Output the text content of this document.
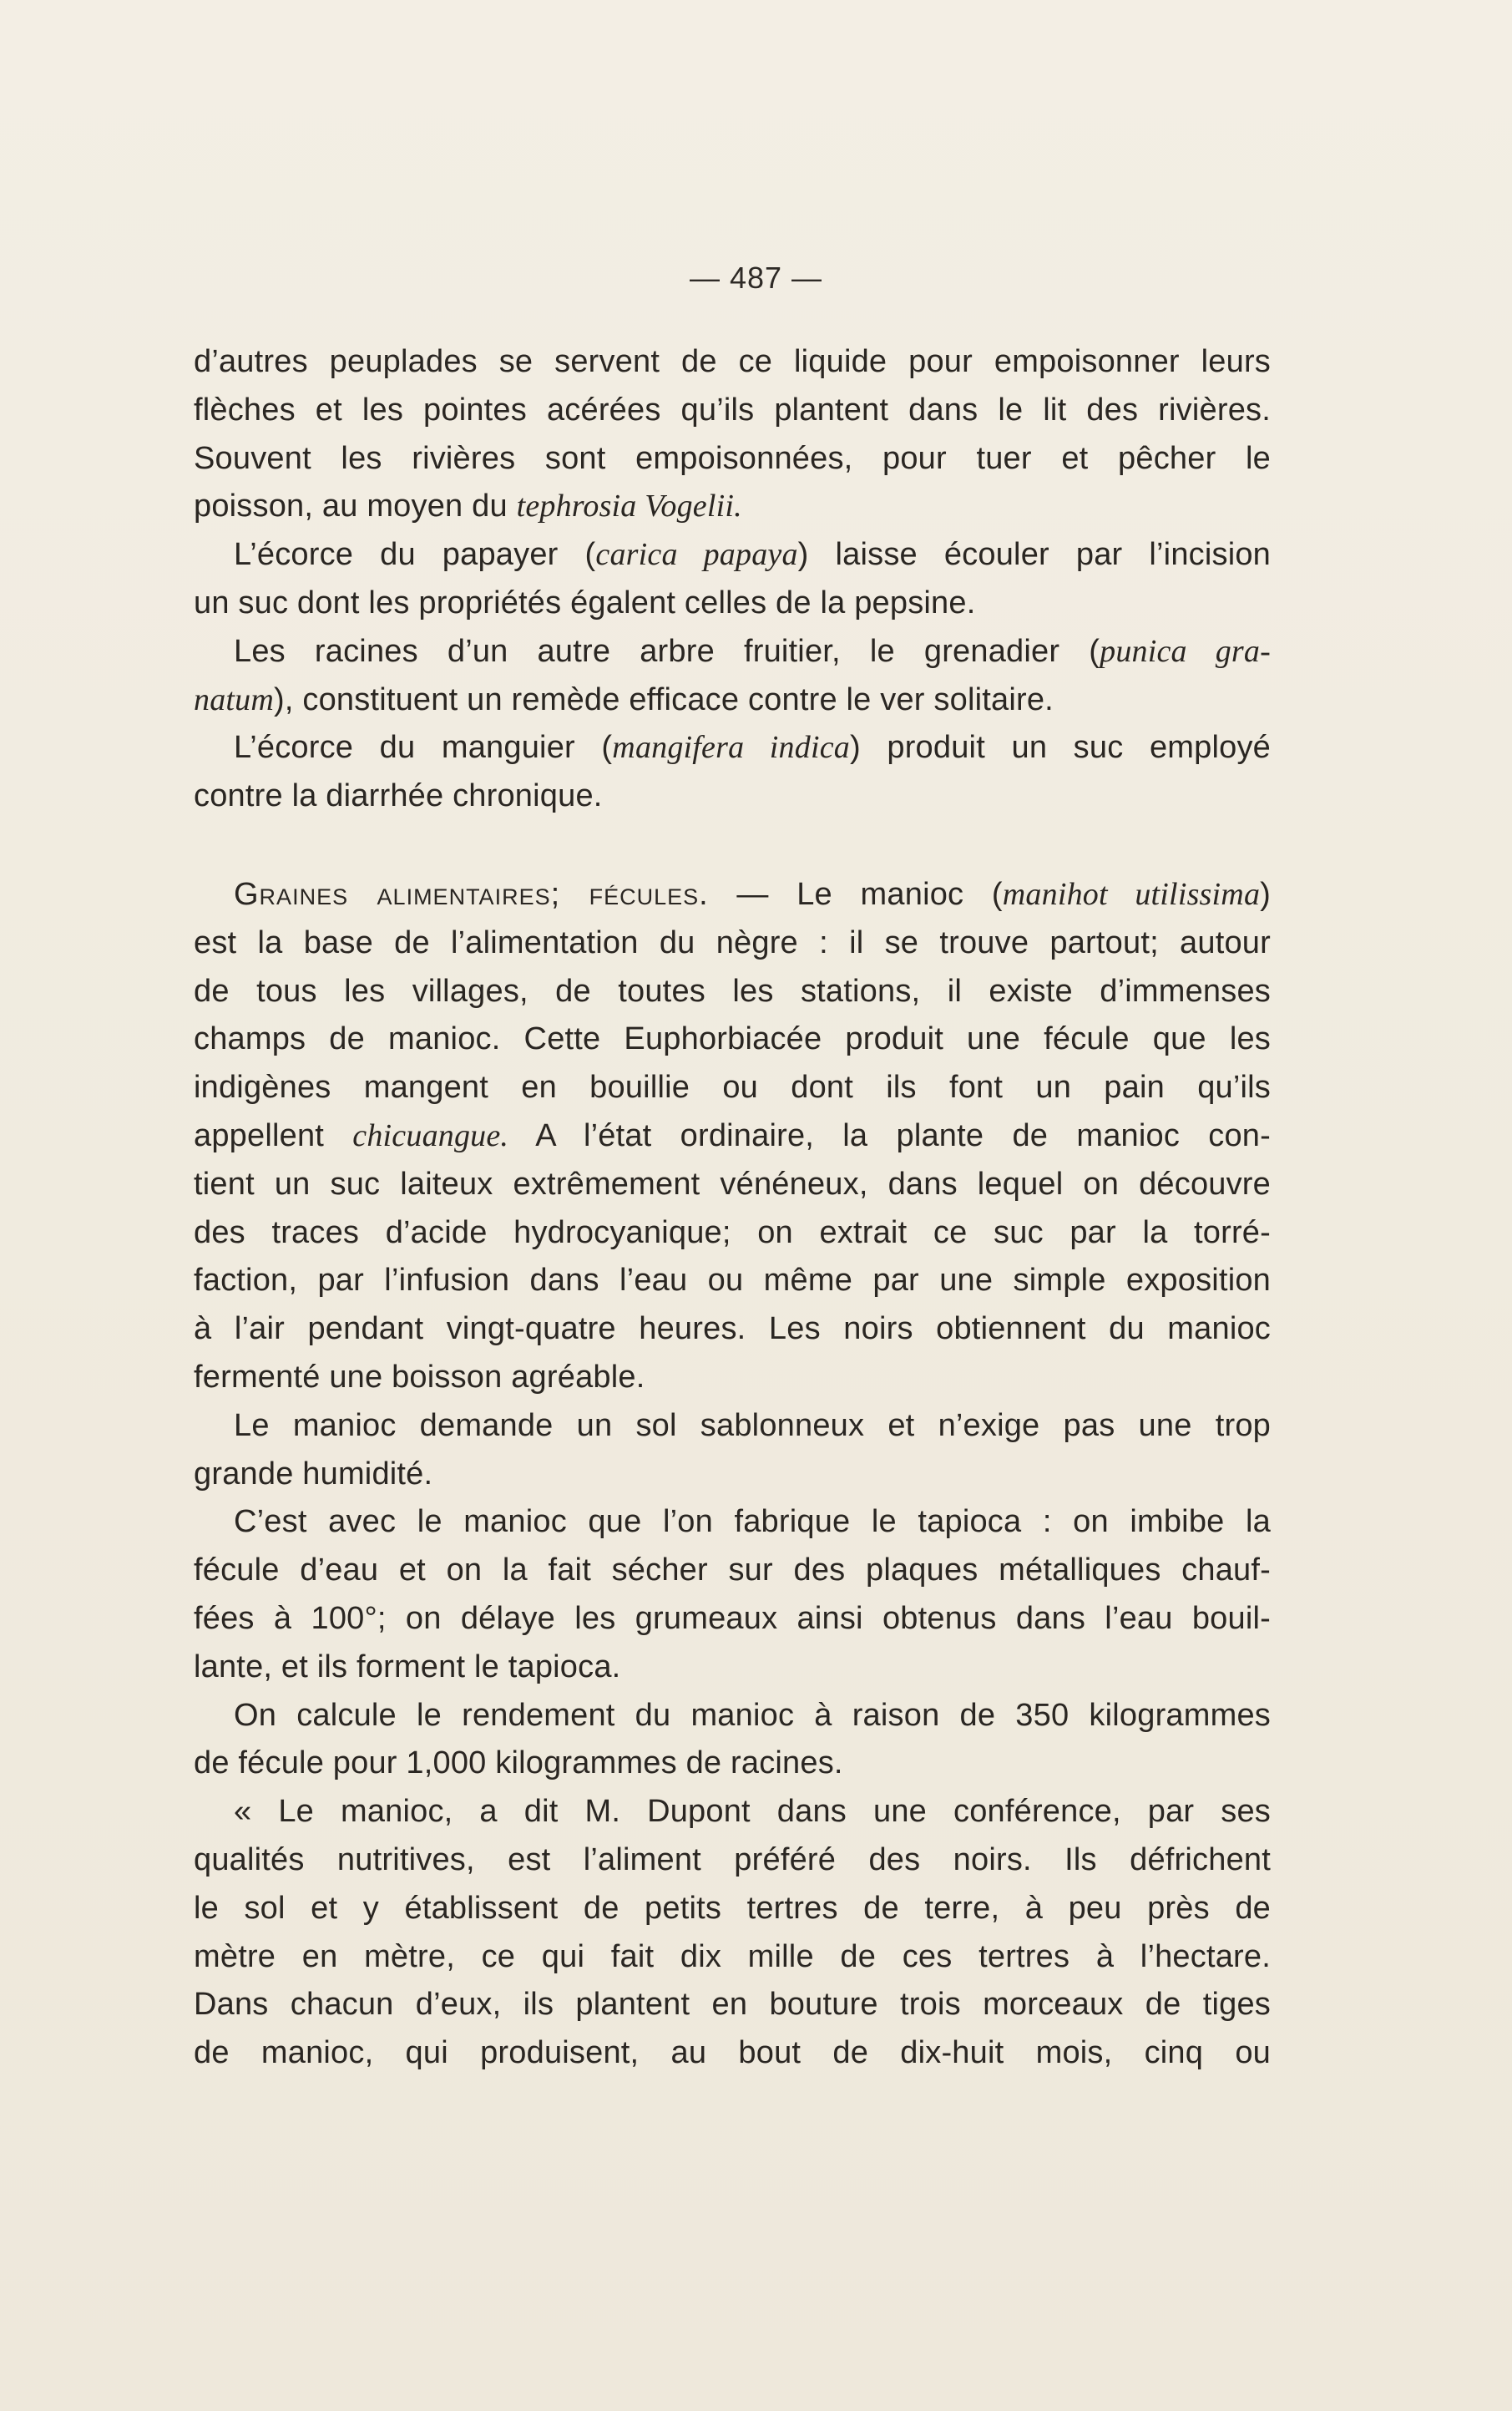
— 487 —
d’autres peuplades se servent de ce liquide pour empoisonner leurs
flèches et les pointes acérées qu’ils plantent dans le lit des rivières.
Souvent les rivières sont empoisonnées, pour tuer et pêcher le
poisson, au moyen du tephrosia Vogelii.
L’écorce du papayer (carica papaya) laisse écouler par l’incision
un suc dont les propriétés égalent celles de la pepsine.
Les racines d’un autre arbre fruitier, le grenadier (punica gra-
natum), constituent un remède efficace contre le ver solitaire.
L’écorce du manguier (mangifera indica) produit un suc employé
contre la diarrhée chronique.
Graines alimentaires; fécules. — Le manioc (manihot utilissima)
est la base de l’alimentation du nègre : il se trouve partout; autour
de tous les villages, de toutes les stations, il existe d’immenses
champs de manioc. Cette Euphorbiacée produit une fécule que les
indigènes mangent en bouillie ou dont ils font un pain qu’ils
appellent chicuangue. A l’état ordinaire, la plante de manioc con-
tient un suc laiteux extrêmement vénéneux, dans lequel on découvre
des traces d’acide hydrocyanique; on extrait ce suc par la torré-
faction, par l’infusion dans l’eau ou même par une simple exposition
à l’air pendant vingt-quatre heures. Les noirs obtiennent du manioc
fermenté une boisson agréable.
Le manioc demande un sol sablonneux et n’exige pas une trop
grande humidité.
C’est avec le manioc que l’on fabrique le tapioca : on imbibe la
fécule d’eau et on la fait sécher sur des plaques métalliques chauf-
fées à 100°; on délaye les grumeaux ainsi obtenus dans l’eau bouil-
lante, et ils forment le tapioca.
On calcule le rendement du manioc à raison de 350 kilogrammes
de fécule pour 1,000 kilogrammes de racines.
« Le manioc, a dit M. Dupont dans une conférence, par ses
qualités nutritives, est l’aliment préféré des noirs. Ils défrichent
le sol et y établissent de petits tertres de terre, à peu près de
mètre en mètre, ce qui fait dix mille de ces tertres à l’hectare.
Dans chacun d’eux, ils plantent en bouture trois morceaux de tiges
de manioc, qui produisent, au bout de dix-huit mois, cinq ou
